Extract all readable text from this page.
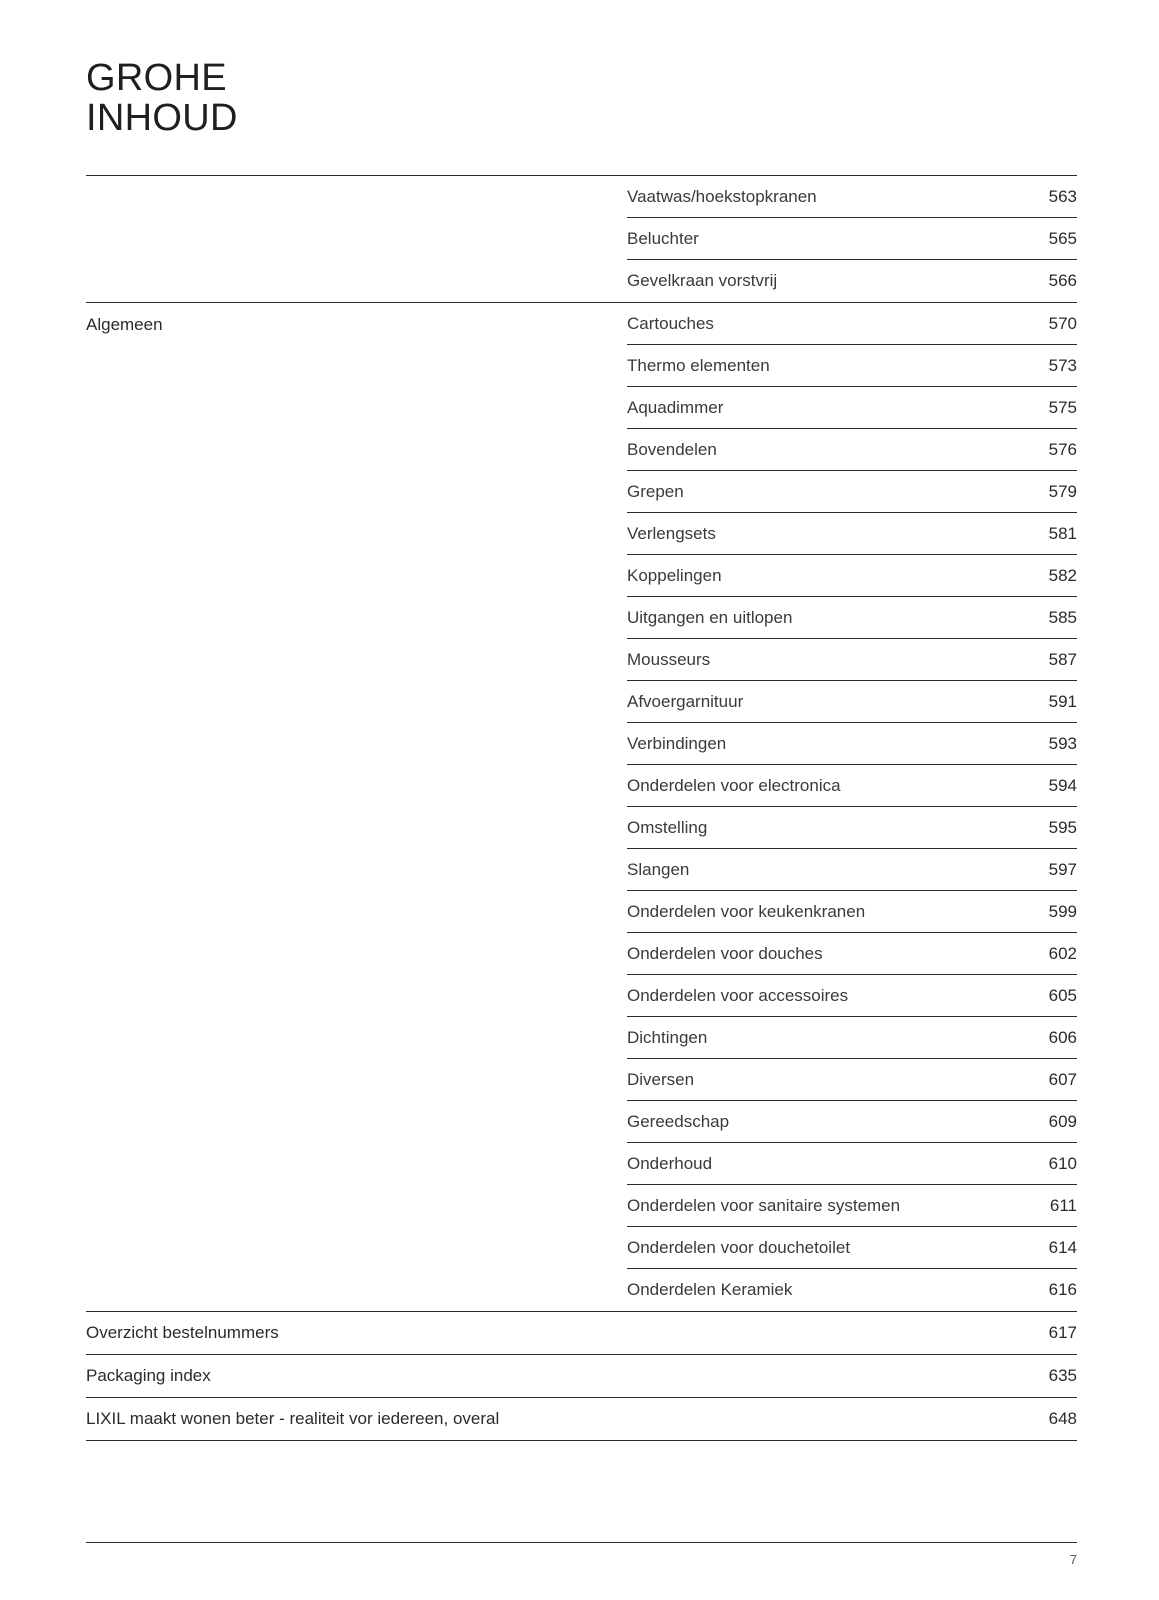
GROHE
INHOUD
Vaatwas/hoekstopkranen	563
Beluchter	565
Gevelkraan vorstvrij	566
Algemeen	Cartouches	570
Thermo elementen	573
Aquadimmer	575
Bovendelen	576
Grepen	579
Verlengsets	581
Koppelingen	582
Uitgangen en uitlopen	585
Mousseurs	587
Afvoergarnituur	591
Verbindingen	593
Onderdelen voor electronica	594
Omstelling	595
Slangen	597
Onderdelen voor keukenkranen	599
Onderdelen voor douches	602
Onderdelen voor accessoires	605
Dichtingen	606
Diversen	607
Gereedschap	609
Onderhoud	610
Onderdelen voor sanitaire systemen	611
Onderdelen voor douchetoilet	614
Onderdelen Keramiek	616
Overzicht bestelnummers	617
Packaging index	635
LIXIL maakt wonen beter - realiteit vor iedereen, overal	648
7
